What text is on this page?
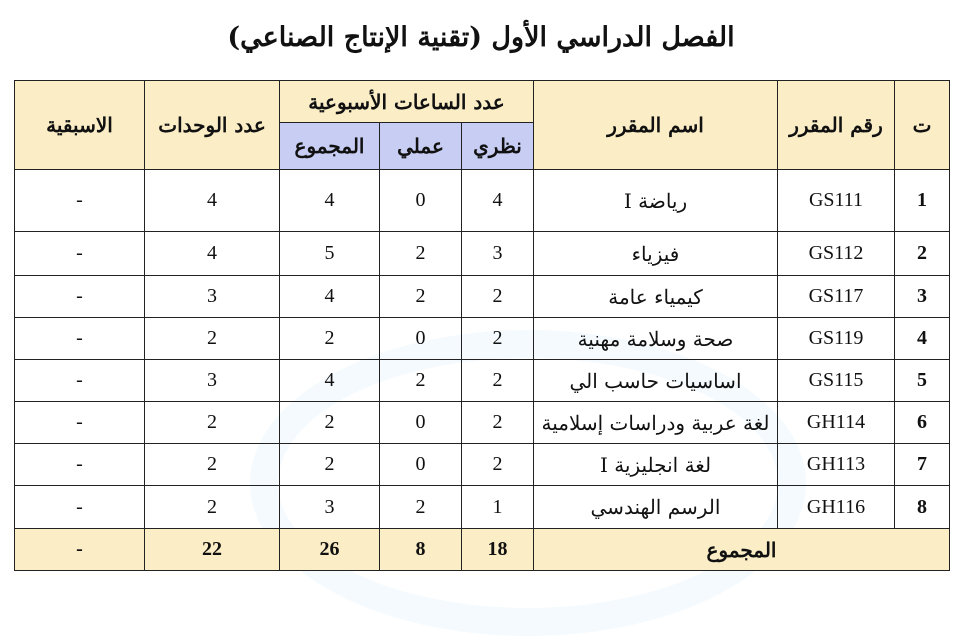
الفصل الدراسي الأول (تقنية الإنتاج الصناعي)
ت	رقم المقرر	اسم المقرر	عدد الساعات الأسبوعية			عدد الوحدات	الاسبقية
			نظري	عملي	المجموع		
1	GS111	رياضة I	4	0	4	4	-
2	GS112	فيزياء	3	2	5	4	-
3	GS117	كيمياء عامة	2	2	4	3	-
4	GS119	صحة وسلامة مهنية	2	0	2	2	-
5	GS115	اساسيات حاسب الي	2	2	4	3	-
6	GH114	لغة عربية ودراسات إسلامية	2	0	2	2	-
7	GH113	لغة انجليزية I	2	0	2	2	-
8	GH116	الرسم الهندسي	1	2	3	2	-
المجموع			18	8	26	22	-
